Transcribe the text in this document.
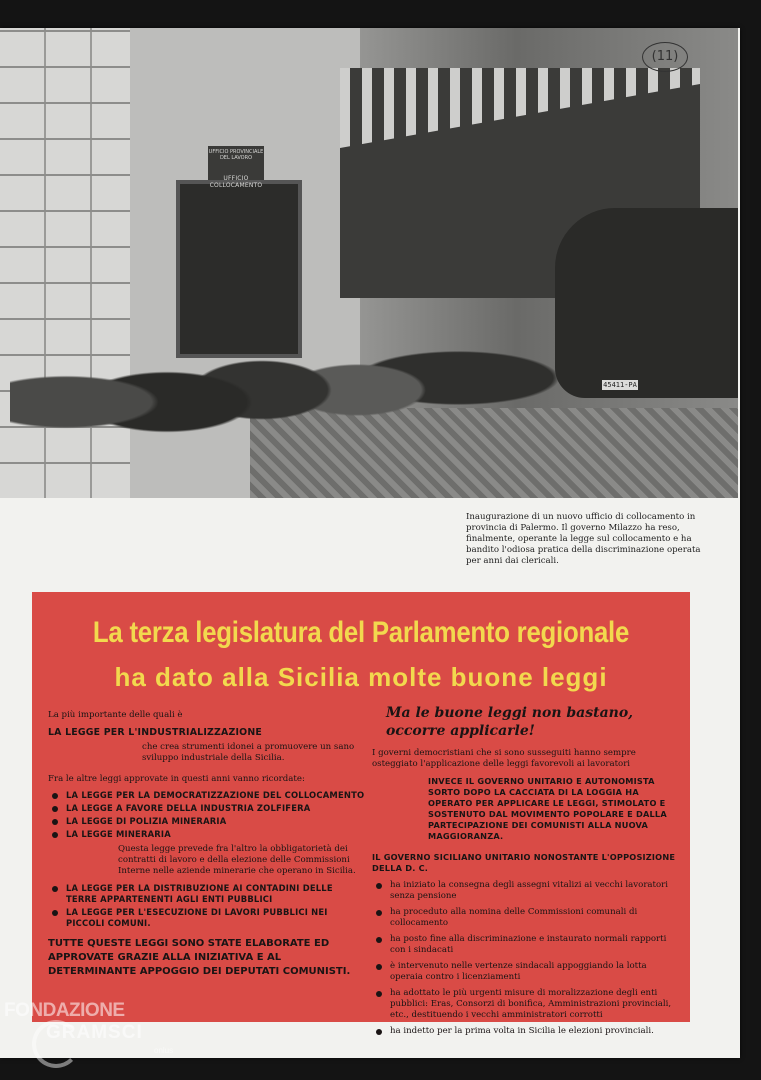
UFFICIO PROVINCIALE DEL LAVORO
UFFICIO COLLOCAMENTO
45411-PA
(11)
Inaugurazione di un nuovo ufficio di collocamento in provincia di Palermo. Il governo Milazzo ha reso, finalmente, operante la legge sul collocamento e ha bandito l'odiosa pratica della discriminazione operata per anni dai clericali.
La terza legislatura del Parlamento regionale
ha dato alla Sicilia molte buone leggi
La più importante delle quali è
LA LEGGE PER L'INDUSTRIALIZZAZIONE
che crea strumenti idonei a promuovere un sano sviluppo industriale della Sicilia.
Fra le altre leggi approvate in questi anni vanno ricordate:
LA LEGGE PER LA DEMOCRATIZZAZIONE DEL COLLOCAMENTO
LA LEGGE A FAVORE DELLA INDUSTRIA ZOLFIFERA
LA LEGGE DI POLIZIA MINERARIA
LA LEGGE MINERARIA
Questa legge prevede fra l'altro la obbligatorietà dei contratti di lavoro e della elezione delle Commissioni Interne nelle aziende minerarie che operano in Sicilia.
LA LEGGE PER LA DISTRIBUZIONE AI CONTADINI DELLE TERRE APPARTENENTI AGLI ENTI PUBBLICI
LA LEGGE PER L'ESECUZIONE DI LAVORI PUBBLICI NEI PICCOLI COMUNI.
TUTTE QUESTE LEGGI SONO STATE ELABORATE ED APPROVATE GRAZIE ALLA INIZIATIVA E AL DETERMINANTE APPOGGIO DEI DEPUTATI COMUNISTI.
Ma le buone leggi non bastano, occorre applicarle!
I governi democristiani che si sono susseguiti hanno sempre osteggiato l'applicazione delle leggi favorevoli ai lavoratori
INVECE IL GOVERNO UNITARIO E AUTONOMISTA SORTO DOPO LA CACCIATA DI LA LOGGIA HA OPERATO PER APPLICARE LE LEGGI, STIMOLATO E SOSTENUTO DAL MOVIMENTO POPOLARE E DALLA PARTECIPAZIONE DEI COMUNISTI ALLA NUOVA MAGGIORANZA.
IL GOVERNO SICILIANO UNITARIO NONOSTANTE L'OPPOSIZIONE DELLA D. C.
ha iniziato la consegna degli assegni vitalizi ai vecchi lavoratori senza pensione
ha proceduto alla nomina delle Commissioni comunali di collocamento
ha posto fine alla discriminazione e instaurato normali rapporti con i sindacati
è intervenuto nelle vertenze sindacali appoggiando la lotta operaia contro i licenziamenti
ha adottato le più urgenti misure di moralizzazione degli enti pubblici: Eras, Consorzi di bonifica, Amministrazioni provinciali, etc., destituendo i vecchi amministratori corrotti
ha indetto per la prima volta in Sicilia le elezioni provinciali.
FONDAZIONE
GRAMSCI
onlus
